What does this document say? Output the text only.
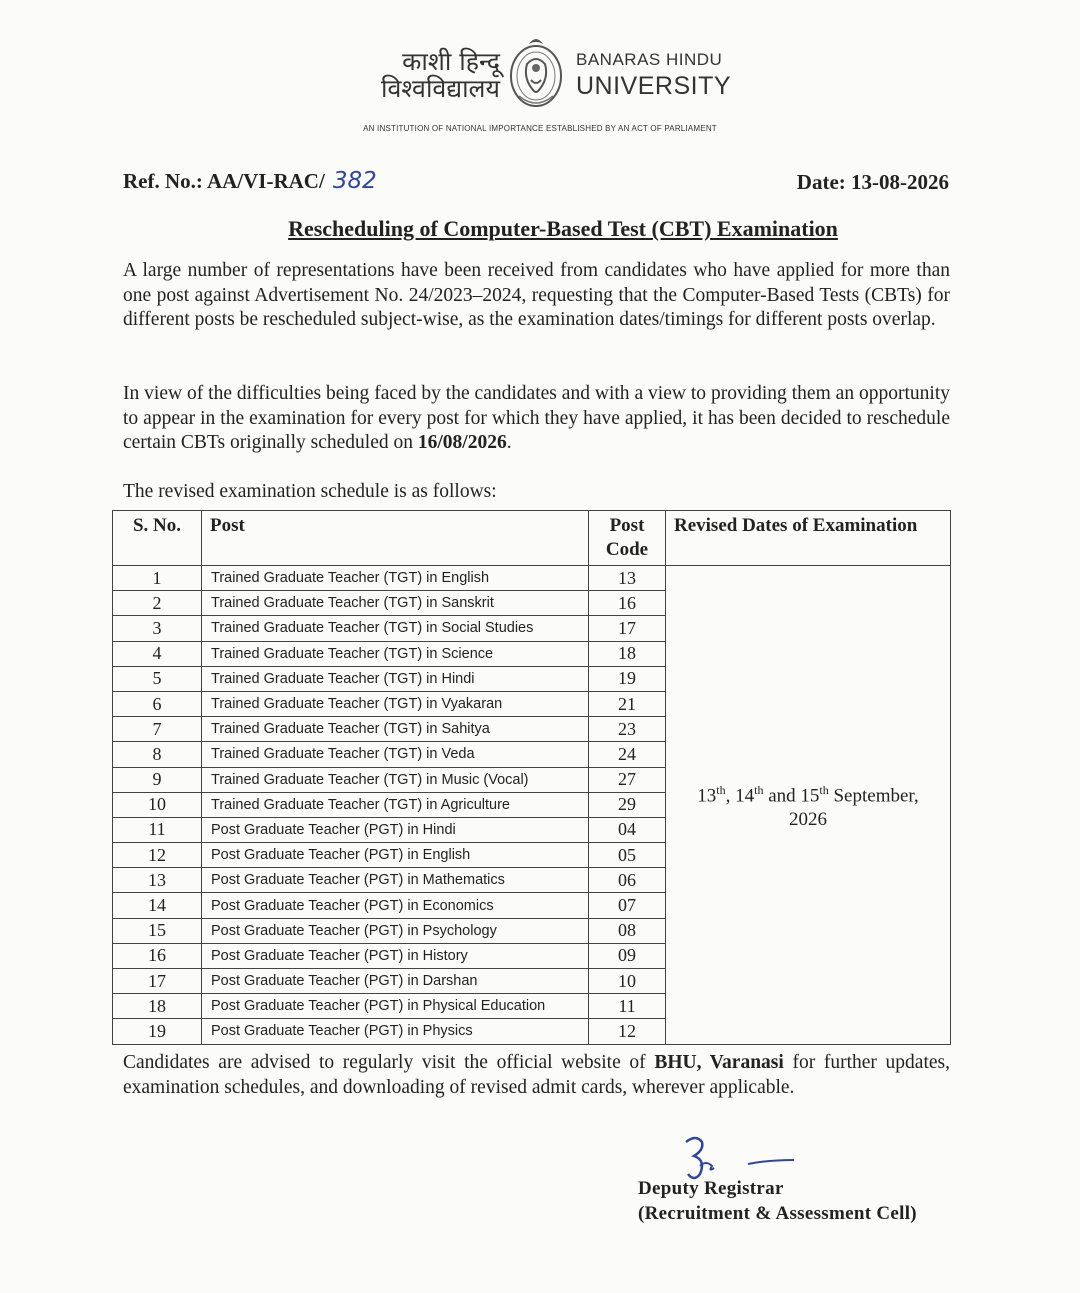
काशी हिन्दू
विश्वविद्यालय
BANARAS HINDU
UNIVERSITY
AN INSTITUTION OF NATIONAL IMPORTANCE ESTABLISHED BY AN ACT OF PARLIAMENT
Ref. No.: AA/VI-RAC/ 382	Date: 13-08-2026
Rescheduling of Computer-Based Test (CBT) Examination

A large number of representations have been received from candidates who have applied for more than one post against Advertisement No. 24/2023–2024, requesting that the Computer-Based Tests (CBTs) for different posts be rescheduled subject-wise, as the examination dates/timings for different posts overlap.

In view of the difficulties being faced by the candidates and with a view to providing them an opportunity to appear in the examination for every post for which they have applied, it has been decided to reschedule certain CBTs originally scheduled on 16/08/2026.

The revised examination schedule is as follows:

S. No.	Post	Post Code	Revised Dates of Examination
1	Trained Graduate Teacher (TGT) in English	13	13th, 14th and 15th September, 2026
2	Trained Graduate Teacher (TGT) in Sanskrit	16	
3	Trained Graduate Teacher (TGT) in Social Studies	17	
4	Trained Graduate Teacher (TGT) in Science	18	
5	Trained Graduate Teacher (TGT) in Hindi	19	
6	Trained Graduate Teacher (TGT) in Vyakaran	21	
7	Trained Graduate Teacher (TGT) in Sahitya	23	
8	Trained Graduate Teacher (TGT) in Veda	24	
9	Trained Graduate Teacher (TGT) in Music (Vocal)	27	
10	Trained Graduate Teacher (TGT) in Agriculture	29	
11	Post Graduate Teacher (PGT) in Hindi	04	
12	Post Graduate Teacher (PGT) in English	05	
13	Post Graduate Teacher (PGT) in Mathematics	06	
14	Post Graduate Teacher (PGT) in Economics	07	
15	Post Graduate Teacher (PGT) in Psychology	08	
16	Post Graduate Teacher (PGT) in History	09	
17	Post Graduate Teacher (PGT) in Darshan	10	
18	Post Graduate Teacher (PGT) in Physical Education	11	
19	Post Graduate Teacher (PGT) in Physics	12	

Candidates are advised to regularly visit the official website of BHU, Varanasi for further updates, examination schedules, and downloading of revised admit cards, wherever applicable.

Deputy Registrar
(Recruitment & Assessment Cell)
